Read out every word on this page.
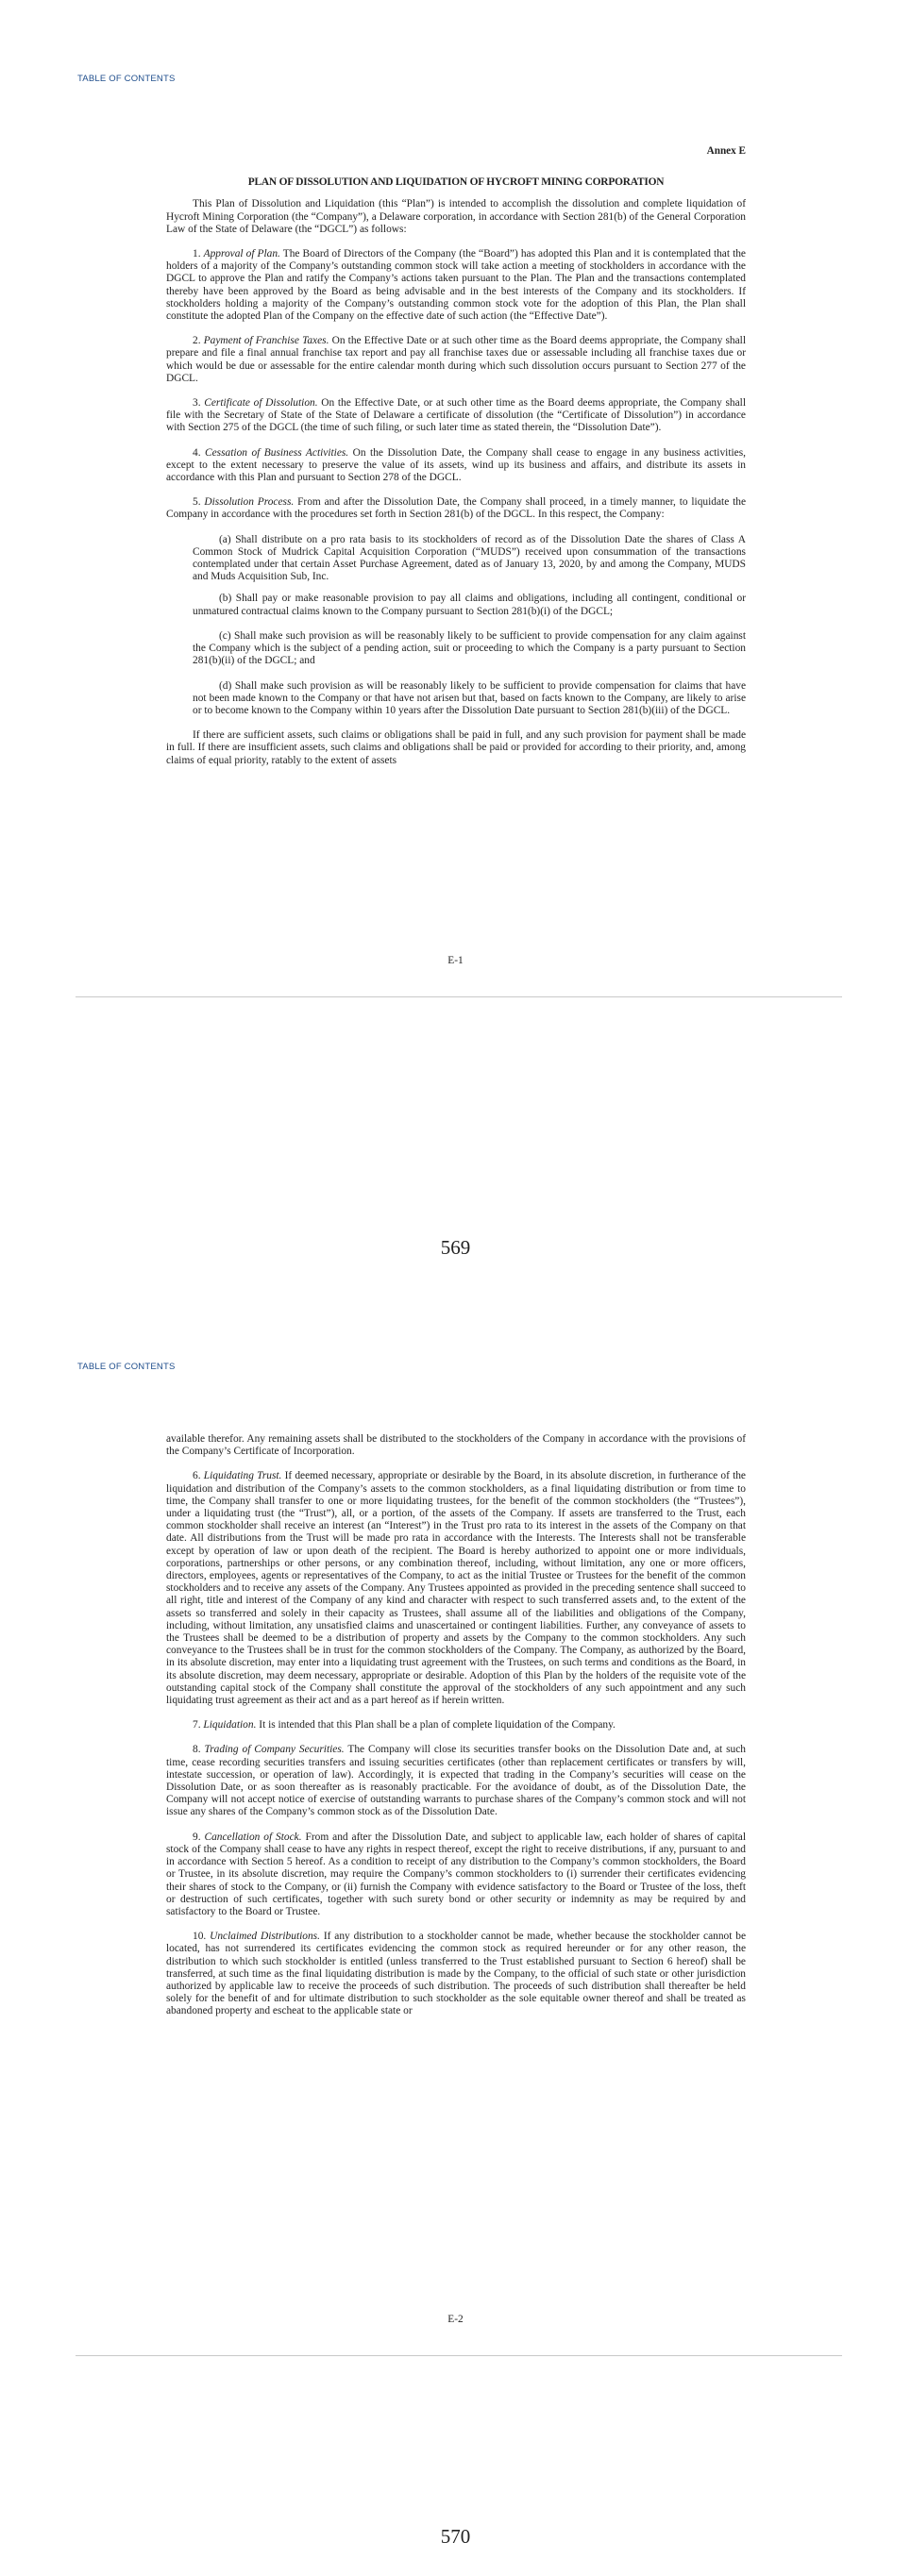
TABLE OF CONTENTS
Annex E
PLAN OF DISSOLUTION AND LIQUIDATION OF HYCROFT MINING CORPORATION

This Plan of Dissolution and Liquidation (this “Plan”) is intended to accomplish the dissolution and complete liquidation of Hycroft Mining Corporation (the “Company”), a Delaware corporation, in accordance with Section 281(b) of the General Corporation Law of the State of Delaware (the “DGCL”) as follows:

1. Approval of Plan. The Board of Directors of the Company (the “Board”) has adopted this Plan and it is contemplated that the holders of a majority of the Company’s outstanding common stock will take action a meeting of stockholders in accordance with the DGCL to approve the Plan and ratify the Company’s actions taken pursuant to the Plan. The Plan and the transactions contemplated thereby have been approved by the Board as being advisable and in the best interests of the Company and its stockholders. If stockholders holding a majority of the Company’s outstanding common stock vote for the adoption of this Plan, the Plan shall constitute the adopted Plan of the Company on the effective date of such action (the “Effective Date”).

2. Payment of Franchise Taxes. On the Effective Date or at such other time as the Board deems appropriate, the Company shall prepare and file a final annual franchise tax report and pay all franchise taxes due or assessable including all franchise taxes due or which would be due or assessable for the entire calendar month during which such dissolution occurs pursuant to Section 277 of the DGCL.

3. Certificate of Dissolution. On the Effective Date, or at such other time as the Board deems appropriate, the Company shall file with the Secretary of State of the State of Delaware a certificate of dissolution (the “Certificate of Dissolution”) in accordance with Section 275 of the DGCL (the time of such filing, or such later time as stated therein, the “Dissolution Date”).

4. Cessation of Business Activities. On the Dissolution Date, the Company shall cease to engage in any business activities, except to the extent necessary to preserve the value of its assets, wind up its business and affairs, and distribute its assets in accordance with this Plan and pursuant to Section 278 of the DGCL.

5. Dissolution Process. From and after the Dissolution Date, the Company shall proceed, in a timely manner, to liquidate the Company in accordance with the procedures set forth in Section 281(b) of the DGCL. In this respect, the Company:

(a) Shall distribute on a pro rata basis to its stockholders of record as of the Dissolution Date the shares of Class A Common Stock of Mudrick Capital Acquisition Corporation (“MUDS”) received upon consummation of the transactions contemplated under that certain Asset Purchase Agreement, dated as of January 13, 2020, by and among the Company, MUDS and Muds Acquisition Sub, Inc.

(b) Shall pay or make reasonable provision to pay all claims and obligations, including all contingent, conditional or unmatured contractual claims known to the Company pursuant to Section 281(b)(i) of the DGCL;

(c) Shall make such provision as will be reasonably likely to be sufficient to provide compensation for any claim against the Company which is the subject of a pending action, suit or proceeding to which the Company is a party pursuant to Section 281(b)(ii) of the DGCL; and

(d) Shall make such provision as will be reasonably likely to be sufficient to provide compensation for claims that have not been made known to the Company or that have not arisen but that, based on facts known to the Company, are likely to arise or to become known to the Company within 10 years after the Dissolution Date pursuant to Section 281(b)(iii) of the DGCL.

If there are sufficient assets, such claims or obligations shall be paid in full, and any such provision for payment shall be made in full. If there are insufficient assets, such claims and obligations shall be paid or provided for according to their priority, and, among claims of equal priority, ratably to the extent of assets

E-1
569
TABLE OF CONTENTS

available therefor. Any remaining assets shall be distributed to the stockholders of the Company in accordance with the provisions of the Company’s Certificate of Incorporation.

6. Liquidating Trust. If deemed necessary, appropriate or desirable by the Board, in its absolute discretion, in furtherance of the liquidation and distribution of the Company’s assets to the common stockholders, as a final liquidating distribution or from time to time, the Company shall transfer to one or more liquidating trustees, for the benefit of the common stockholders (the “Trustees”), under a liquidating trust (the “Trust”), all, or a portion, of the assets of the Company. If assets are transferred to the Trust, each common stockholder shall receive an interest (an “Interest”) in the Trust pro rata to its interest in the assets of the Company on that date. All distributions from the Trust will be made pro rata in accordance with the Interests. The Interests shall not be transferable except by operation of law or upon death of the recipient. The Board is hereby authorized to appoint one or more individuals, corporations, partnerships or other persons, or any combination thereof, including, without limitation, any one or more officers, directors, employees, agents or representatives of the Company, to act as the initial Trustee or Trustees for the benefit of the common stockholders and to receive any assets of the Company. Any Trustees appointed as provided in the preceding sentence shall succeed to all right, title and interest of the Company of any kind and character with respect to such transferred assets and, to the extent of the assets so transferred and solely in their capacity as Trustees, shall assume all of the liabilities and obligations of the Company, including, without limitation, any unsatisfied claims and unascertained or contingent liabilities. Further, any conveyance of assets to the Trustees shall be deemed to be a distribution of property and assets by the Company to the common stockholders. Any such conveyance to the Trustees shall be in trust for the common stockholders of the Company. The Company, as authorized by the Board, in its absolute discretion, may enter into a liquidating trust agreement with the Trustees, on such terms and conditions as the Board, in its absolute discretion, may deem necessary, appropriate or desirable. Adoption of this Plan by the holders of the requisite vote of the outstanding capital stock of the Company shall constitute the approval of the stockholders of any such appointment and any such liquidating trust agreement as their act and as a part hereof as if herein written.

7. Liquidation. It is intended that this Plan shall be a plan of complete liquidation of the Company.

8. Trading of Company Securities. The Company will close its securities transfer books on the Dissolution Date and, at such time, cease recording securities transfers and issuing securities certificates (other than replacement certificates or transfers by will, intestate succession, or operation of law). Accordingly, it is expected that trading in the Company’s securities will cease on the Dissolution Date, or as soon thereafter as is reasonably practicable. For the avoidance of doubt, as of the Dissolution Date, the Company will not accept notice of exercise of outstanding warrants to purchase shares of the Company’s common stock and will not issue any shares of the Company’s common stock as of the Dissolution Date.

9. Cancellation of Stock. From and after the Dissolution Date, and subject to applicable law, each holder of shares of capital stock of the Company shall cease to have any rights in respect thereof, except the right to receive distributions, if any, pursuant to and in accordance with Section 5 hereof. As a condition to receipt of any distribution to the Company’s common stockholders, the Board or Trustee, in its absolute discretion, may require the Company’s common stockholders to (i) surrender their certificates evidencing their shares of stock to the Company, or (ii) furnish the Company with evidence satisfactory to the Board or Trustee of the loss, theft or destruction of such certificates, together with such surety bond or other security or indemnity as may be required by and satisfactory to the Board or Trustee.

10. Unclaimed Distributions. If any distribution to a stockholder cannot be made, whether because the stockholder cannot be located, has not surrendered its certificates evidencing the common stock as required hereunder or for any other reason, the distribution to which such stockholder is entitled (unless transferred to the Trust established pursuant to Section 6 hereof) shall be transferred, at such time as the final liquidating distribution is made by the Company, to the official of such state or other jurisdiction authorized by applicable law to receive the proceeds of such distribution. The proceeds of such distribution shall thereafter be held solely for the benefit of and for ultimate distribution to such stockholder as the sole equitable owner thereof and shall be treated as abandoned property and escheat to the applicable state or

E-2
570
